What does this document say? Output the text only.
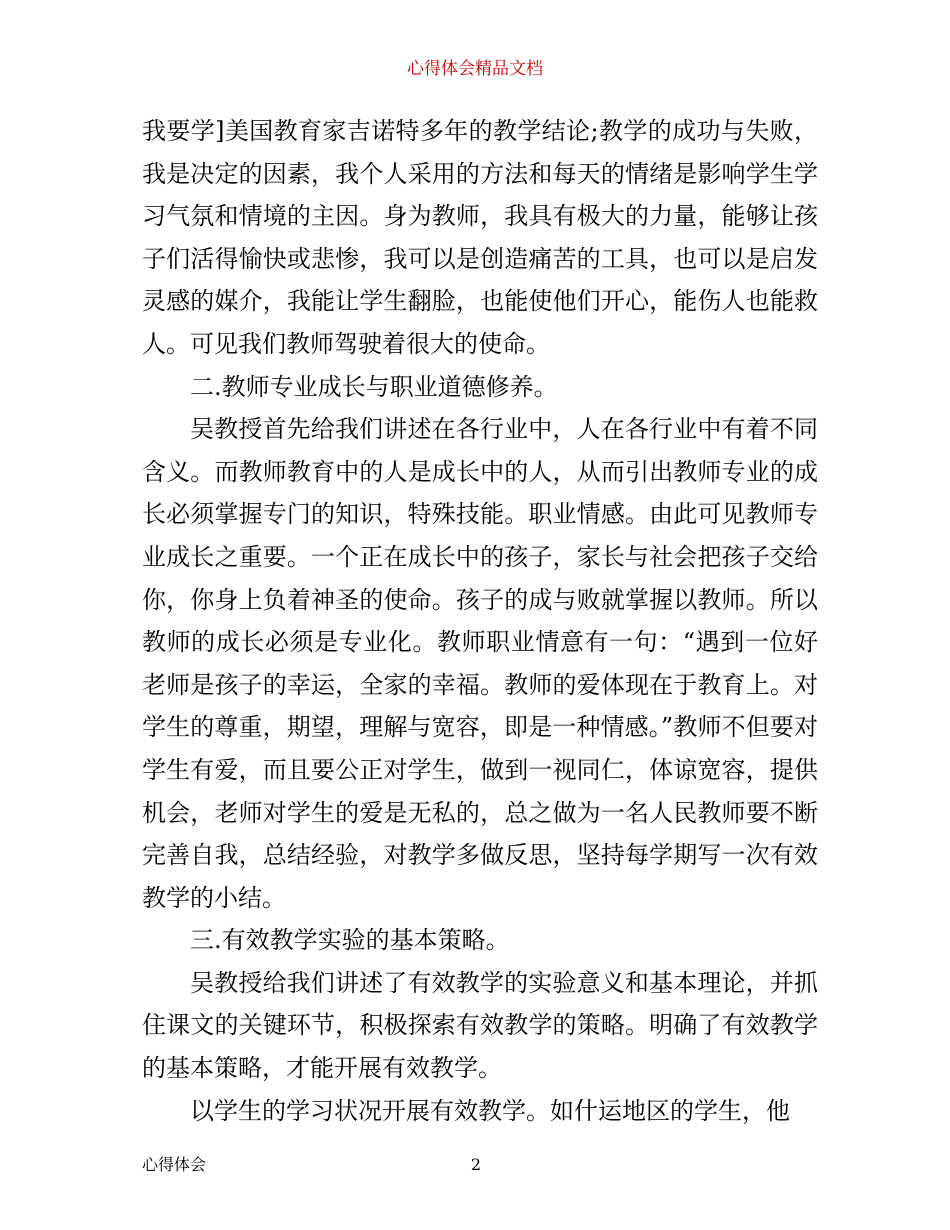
心得体会精品文档

我要学]美国教育家吉诺特多年的教学结论;教学的成功与失败，我是决定的因素，我个人采用的方法和每天的情绪是影响学生学习气氛和情境的主因。身为教师，我具有极大的力量，能够让孩子们活得愉快或悲惨，我可以是创造痛苦的工具，也可以是启发灵感的媒介，我能让学生翻脸，也能使他们开心，能伤人也能救人。可见我们教师驾驶着很大的使命。

二.教师专业成长与职业道德修养。

吴教授首先给我们讲述在各行业中，人在各行业中有着不同含义。而教师教育中的人是成长中的人，从而引出教师专业的成长必须掌握专门的知识，特殊技能。职业情感。由此可见教师专业成长之重要。一个正在成长中的孩子，家长与社会把孩子交给你，你身上负着神圣的使命。孩子的成与败就掌握以教师。所以教师的成长必须是专业化。教师职业情意有一句：“遇到一位好老师是孩子的幸运，全家的幸福。教师的爱体现在于教育上。对学生的尊重，期望，理解与宽容，即是一种情感。”教师不但要对学生有爱，而且要公正对学生，做到一视同仁，体谅宽容，提供机会，老师对学生的爱是无私的，总之做为一名人民教师要不断完善自我，总结经验，对教学多做反思，坚持每学期写一次有效教学的小结。

三.有效教学实验的基本策略。

吴教授给我们讲述了有效教学的实验意义和基本理论，并抓住课文的关键环节，积极探索有效教学的策略。明确了有效教学的基本策略，才能开展有效教学。

以学生的学习状况开展有效教学。如什运地区的学生，他

心得体会	2
